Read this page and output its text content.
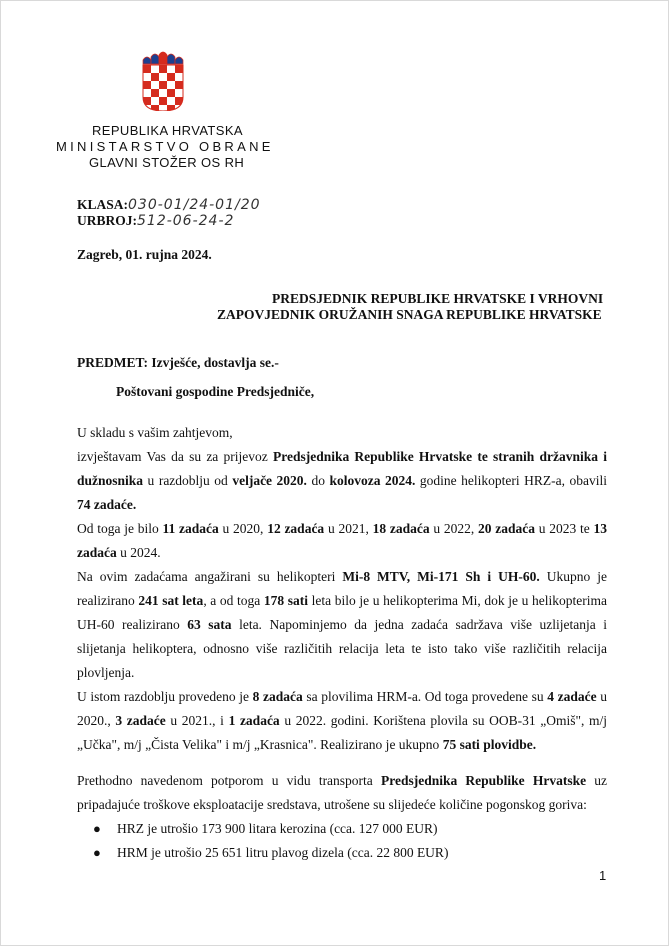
REPUBLIKA HRVATSKA
MINISTARSTVO OBRANE
GLAVNI STOŽER OS RH
KLASA:030-01/24-01/20
URBROJ:512-06-24-2
Zagreb, 01. rujna 2024.
PREDSJEDNIK REPUBLIKE HRVATSKE I VRHOVNI
ZAPOVJEDNIK ORUŽANIH SNAGA REPUBLIKE HRVATSKE
PREDMET: Izvješće, dostavlja se.-
Poštovani gospodine Predsjedniče,
U skladu s vašim zahtjevom,
izvještavam Vas da su za prijevoz Predsjednika Republike Hrvatske te stranih državnika i
dužnosnika u razdoblju od veljače 2020. do kolovoza 2024. godine helikopteri HRZ-a, obavili
74 zadaće.
Od toga je bilo 11 zadaća u 2020, 12 zadaća u 2021, 18 zadaća u 2022, 20 zadaća u 2023 te 13
zadaća u 2024.
Na ovim zadaćama angažirani su helikopteri Mi-8 MTV, Mi-171 Sh i UH-60. Ukupno je
realizirano 241 sat leta, a od toga 178 sati leta bilo je u helikopterima Mi, dok je u helikopterima
UH-60 realizirano 63 sata leta. Napominjemo da jedna zadaća sadržava više uzlijetanja i
slijetanja helikoptera, odnosno više različitih relacija leta te isto tako više različitih relacija
plovljenja.
U istom razdoblju provedeno je 8 zadaća sa plovilima HRM-a. Od toga provedene su 4 zadaće u
2020., 3 zadaće u 2021., i 1 zadaća u 2022. godini. Korištena plovila su OOB-31 „Omiš", m/j
„Učka", m/j „Čista Velika" i m/j „Krasnica". Realizirano je ukupno 75 sati plovidbe.
Prethodno navedenom potporom u vidu transporta Predsjednika Republike Hrvatske uz
pripadajuće troškove eksploatacije sredstava, utrošene su slijedeće količine pogonskog goriva:
● HRZ je utrošio 173 900 litara kerozina (cca. 127 000 EUR)
● HRM je utrošio 25 651 litru plavog dizela (cca. 22 800 EUR)
1
